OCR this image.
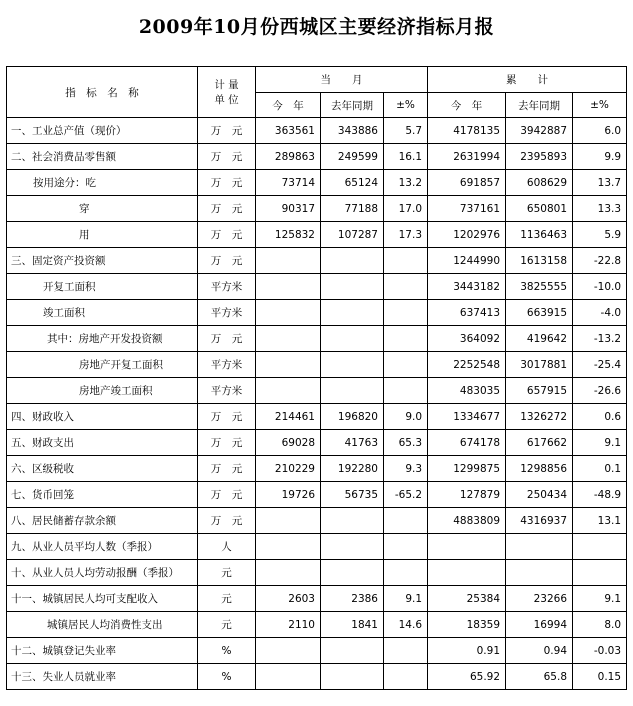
2009年10月份西城区主要经济指标月报
指　标　名　称	计 量
单 位	当　　月			累　　计		
		今　年	去年同期	±%	今　年	去年同期	±%
一、工业总产值（现价）	万　元	363561	343886	5.7	4178135	3942887	6.0
二、社会消费品零售额	万　元	289863	249599	16.1	2631994	2395893	9.9
按用途分：吃	万　元	73714	65124	13.2	691857	608629	13.7
穿	万　元	90317	77188	17.0	737161	650801	13.3
用	万　元	125832	107287	17.3	1202976	1136463	5.9
三、固定资产投资额	万　元				1244990	1613158	-22.8
开复工面积	平方米				3443182	3825555	-10.0
竣工面积	平方米				637413	663915	-4.0
其中：房地产开发投资额	万　元				364092	419642	-13.2
房地产开复工面积	平方米				2252548	3017881	-25.4
房地产竣工面积	平方米				483035	657915	-26.6
四、财政收入	万　元	214461	196820	9.0	1334677	1326272	0.6
五、财政支出	万　元	69028	41763	65.3	674178	617662	9.1
六、区级税收	万　元	210229	192280	9.3	1299875	1298856	0.1
七、货币回笼	万　元	19726	56735	-65.2	127879	250434	-48.9
八、居民储蓄存款余额	万　元				4883809	4316937	13.1
九、从业人员平均人数（季报）	人						
十、从业人员人均劳动报酬（季报）	元						
十一、城镇居民人均可支配收入	元	2603	2386	9.1	25384	23266	9.1
城镇居民人均消费性支出	元	2110	1841	14.6	18359	16994	8.0
十二、城镇登记失业率	%				0.91	0.94	-0.03
十三、失业人员就业率	%				65.92	65.8	0.15
